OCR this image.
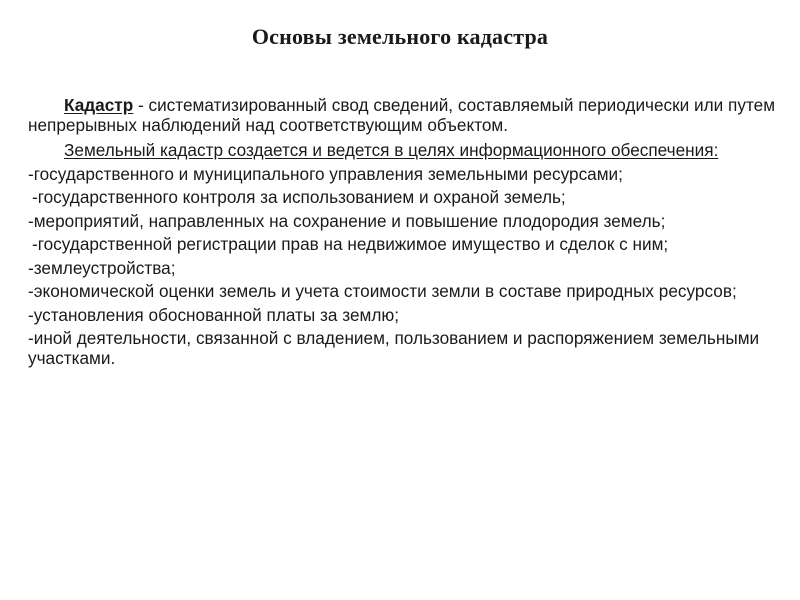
Основы земельного кадастра

Кадастр - систематизированный свод сведений, составляемый периодически или путем непрерывных наблюдений над соответствующим объектом.

Земельный кадастр создается и ведется в целях информационного обеспечения:

-государственного и муниципального управления земельными ресурсами;

-государственного контроля за использованием и охраной земель;

-мероприятий, направленных на сохранение и повышение плодородия земель;

-государственной регистрации прав на недвижимое имущество и сделок с ним;

-землеустройства;

-экономической оценки земель и учета стоимости земли в составе природных ресурсов;

-установления обоснованной платы за землю;

-иной деятельности, связанной с владением, пользованием и распоряжением земельными участками.
